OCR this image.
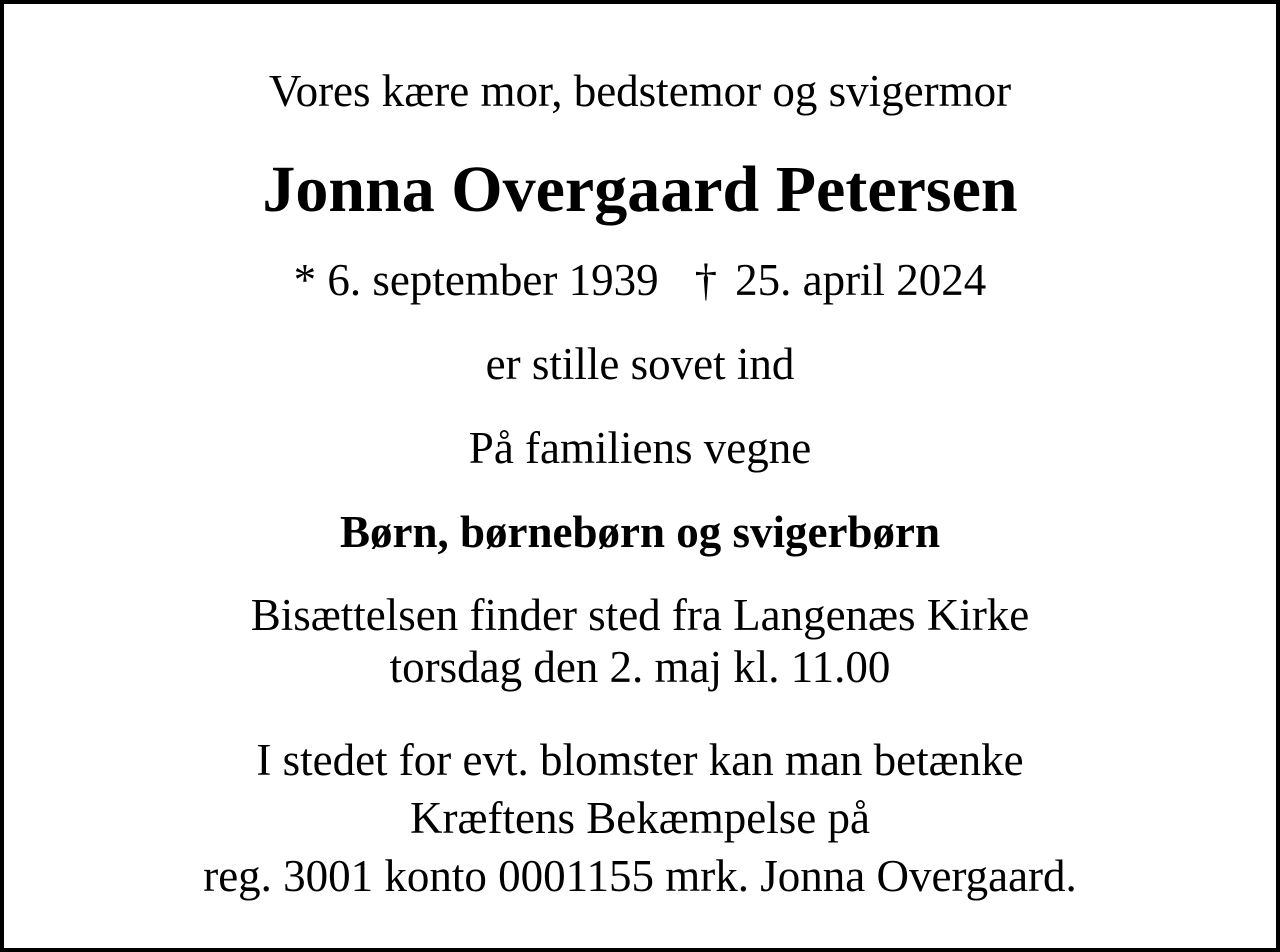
Vores kære mor, bedstemor og svigermor

Jonna Overgaard Petersen

* 6. september 1939 † 25. april 2024

er stille sovet ind

På familiens vegne

Børn, børnebørn og svigerbørn

Bisættelsen finder sted fra Langenæs Kirke
torsdag den 2. maj kl. 11.00
I stedet for evt. blomster kan man betænke
Kræftens Bekæmpelse på
reg. 3001 konto 0001155 mrk. Jonna Overgaard.
